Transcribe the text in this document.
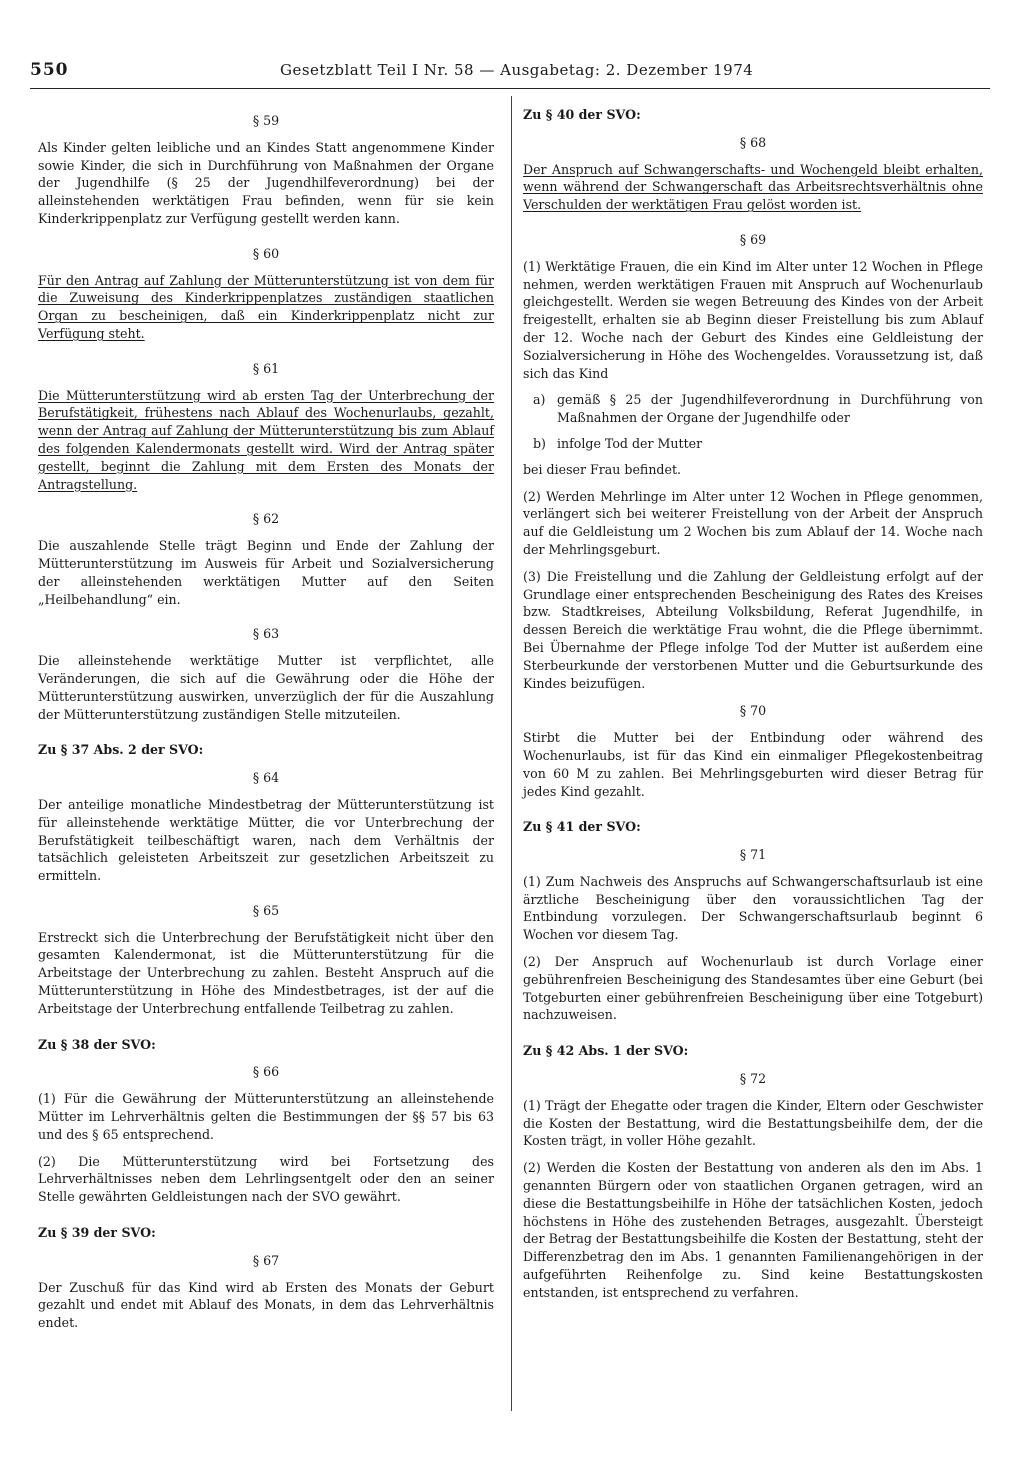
550	Gesetzblatt Teil I Nr. 58 — Ausgabetag: 2. Dezember 1974
§ 59
Als Kinder gelten leibliche und an Kindes Statt angenommene Kinder sowie Kinder, die sich in Durchführung von Maßnahmen der Organe der Jugendhilfe (§ 25 der Jugendhilfeverordnung) bei der alleinstehenden werktätigen Frau befinden, wenn für sie kein Kinderkrippenplatz zur Verfügung gestellt werden kann.
§ 60
Für den Antrag auf Zahlung der Mütterunterstützung ist von dem für die Zuweisung des Kinderkrippenplatzes zuständigen staatlichen Organ zu bescheinigen, daß ein Kinderkrippenplatz nicht zur Verfügung steht.
§ 61
Die Mütterunterstützung wird ab ersten Tag der Unterbrechung der Berufstätigkeit, frühestens nach Ablauf des Wochenurlaubs, gezahlt, wenn der Antrag auf Zahlung der Mütterunterstützung bis zum Ablauf des folgenden Kalendermonats gestellt wird. Wird der Antrag später gestellt, beginnt die Zahlung mit dem Ersten des Monats der Antragstellung.
§ 62
Die auszahlende Stelle trägt Beginn und Ende der Zahlung der Mütterunterstützung im Ausweis für Arbeit und Sozialversicherung der alleinstehenden werktätigen Mutter auf den Seiten „Heilbehandlung“ ein.
§ 63
Die alleinstehende werktätige Mutter ist verpflichtet, alle Veränderungen, die sich auf die Gewährung oder die Höhe der Mütterunterstützung auswirken, unverzüglich der für die Auszahlung der Mütterunterstützung zuständigen Stelle mitzuteilen.
Zu § 37 Abs. 2 der SVO:
§ 64
Der anteilige monatliche Mindestbetrag der Mütterunterstützung ist für alleinstehende werktätige Mütter, die vor Unterbrechung der Berufstätigkeit teilbeschäftigt waren, nach dem Verhältnis der tatsächlich geleisteten Arbeitszeit zur gesetzlichen Arbeitszeit zu ermitteln.
§ 65
Erstreckt sich die Unterbrechung der Berufstätigkeit nicht über den gesamten Kalendermonat, ist die Mütterunterstützung für die Arbeitstage der Unterbrechung zu zahlen. Besteht Anspruch auf die Mütterunterstützung in Höhe des Mindestbetrages, ist der auf die Arbeitstage der Unterbrechung entfallende Teilbetrag zu zahlen.
Zu § 38 der SVO:
§ 66
(1) Für die Gewährung der Mütterunterstützung an alleinstehende Mütter im Lehrverhältnis gelten die Bestimmungen der §§ 57 bis 63 und des § 65 entsprechend.
(2) Die Mütterunterstützung wird bei Fortsetzung des Lehrverhältnisses neben dem Lehrlingsentgelt oder den an seiner Stelle gewährten Geldleistungen nach der SVO gewährt.
Zu § 39 der SVO:
§ 67
Der Zuschuß für das Kind wird ab Ersten des Monats der Geburt gezahlt und endet mit Ablauf des Monats, in dem das Lehrverhältnis endet.
Zu § 40 der SVO:
§ 68
Der Anspruch auf Schwangerschafts- und Wochengeld bleibt erhalten, wenn während der Schwangerschaft das Arbeitsrechtsverhältnis ohne Verschulden der werktätigen Frau gelöst worden ist.
§ 69
(1) Werktätige Frauen, die ein Kind im Alter unter 12 Wochen in Pflege nehmen, werden werktätigen Frauen mit Anspruch auf Wochenurlaub gleichgestellt. Werden sie wegen Betreuung des Kindes von der Arbeit freigestellt, erhalten sie ab Beginn dieser Freistellung bis zum Ablauf der 12. Woche nach der Geburt des Kindes eine Geldleistung der Sozialversicherung in Höhe des Wochengeldes. Voraussetzung ist, daß sich das Kind
a) gemäß § 25 der Jugendhilfeverordnung in Durchführung von Maßnahmen der Organe der Jugendhilfe oder
b) infolge Tod der Mutter
bei dieser Frau befindet.
(2) Werden Mehrlinge im Alter unter 12 Wochen in Pflege genommen, verlängert sich bei weiterer Freistellung von der Arbeit der Anspruch auf die Geldleistung um 2 Wochen bis zum Ablauf der 14. Woche nach der Mehrlingsgeburt.
(3) Die Freistellung und die Zahlung der Geldleistung erfolgt auf der Grundlage einer entsprechenden Bescheinigung des Rates des Kreises bzw. Stadtkreises, Abteilung Volksbildung, Referat Jugendhilfe, in dessen Bereich die werktätige Frau wohnt, die die Pflege übernimmt. Bei Übernahme der Pflege infolge Tod der Mutter ist außerdem eine Sterbeurkunde der verstorbenen Mutter und die Geburtsurkunde des Kindes beizufügen.
§ 70
Stirbt die Mutter bei der Entbindung oder während des Wochenurlaubs, ist für das Kind ein einmaliger Pflegekostenbeitrag von 60 M zu zahlen. Bei Mehrlingsgeburten wird dieser Betrag für jedes Kind gezahlt.
Zu § 41 der SVO:
§ 71
(1) Zum Nachweis des Anspruchs auf Schwangerschaftsurlaub ist eine ärztliche Bescheinigung über den voraussichtlichen Tag der Entbindung vorzulegen. Der Schwangerschaftsurlaub beginnt 6 Wochen vor diesem Tag.
(2) Der Anspruch auf Wochenurlaub ist durch Vorlage einer gebührenfreien Bescheinigung des Standesamtes über eine Geburt (bei Totgeburten einer gebührenfreien Bescheinigung über eine Totgeburt) nachzuweisen.
Zu § 42 Abs. 1 der SVO:
§ 72
(1) Trägt der Ehegatte oder tragen die Kinder, Eltern oder Geschwister die Kosten der Bestattung, wird die Bestattungsbeihilfe dem, der die Kosten trägt, in voller Höhe gezahlt.
(2) Werden die Kosten der Bestattung von anderen als den im Abs. 1 genannten Bürgern oder von staatlichen Organen getragen, wird an diese die Bestattungsbeihilfe in Höhe der tatsächlichen Kosten, jedoch höchstens in Höhe des zustehenden Betrages, ausgezahlt. Übersteigt der Betrag der Bestattungsbeihilfe die Kosten der Bestattung, steht der Differenzbetrag den im Abs. 1 genannten Familienangehörigen in der aufgeführten Reihenfolge zu. Sind keine Bestattungskosten entstanden, ist entsprechend zu verfahren.
